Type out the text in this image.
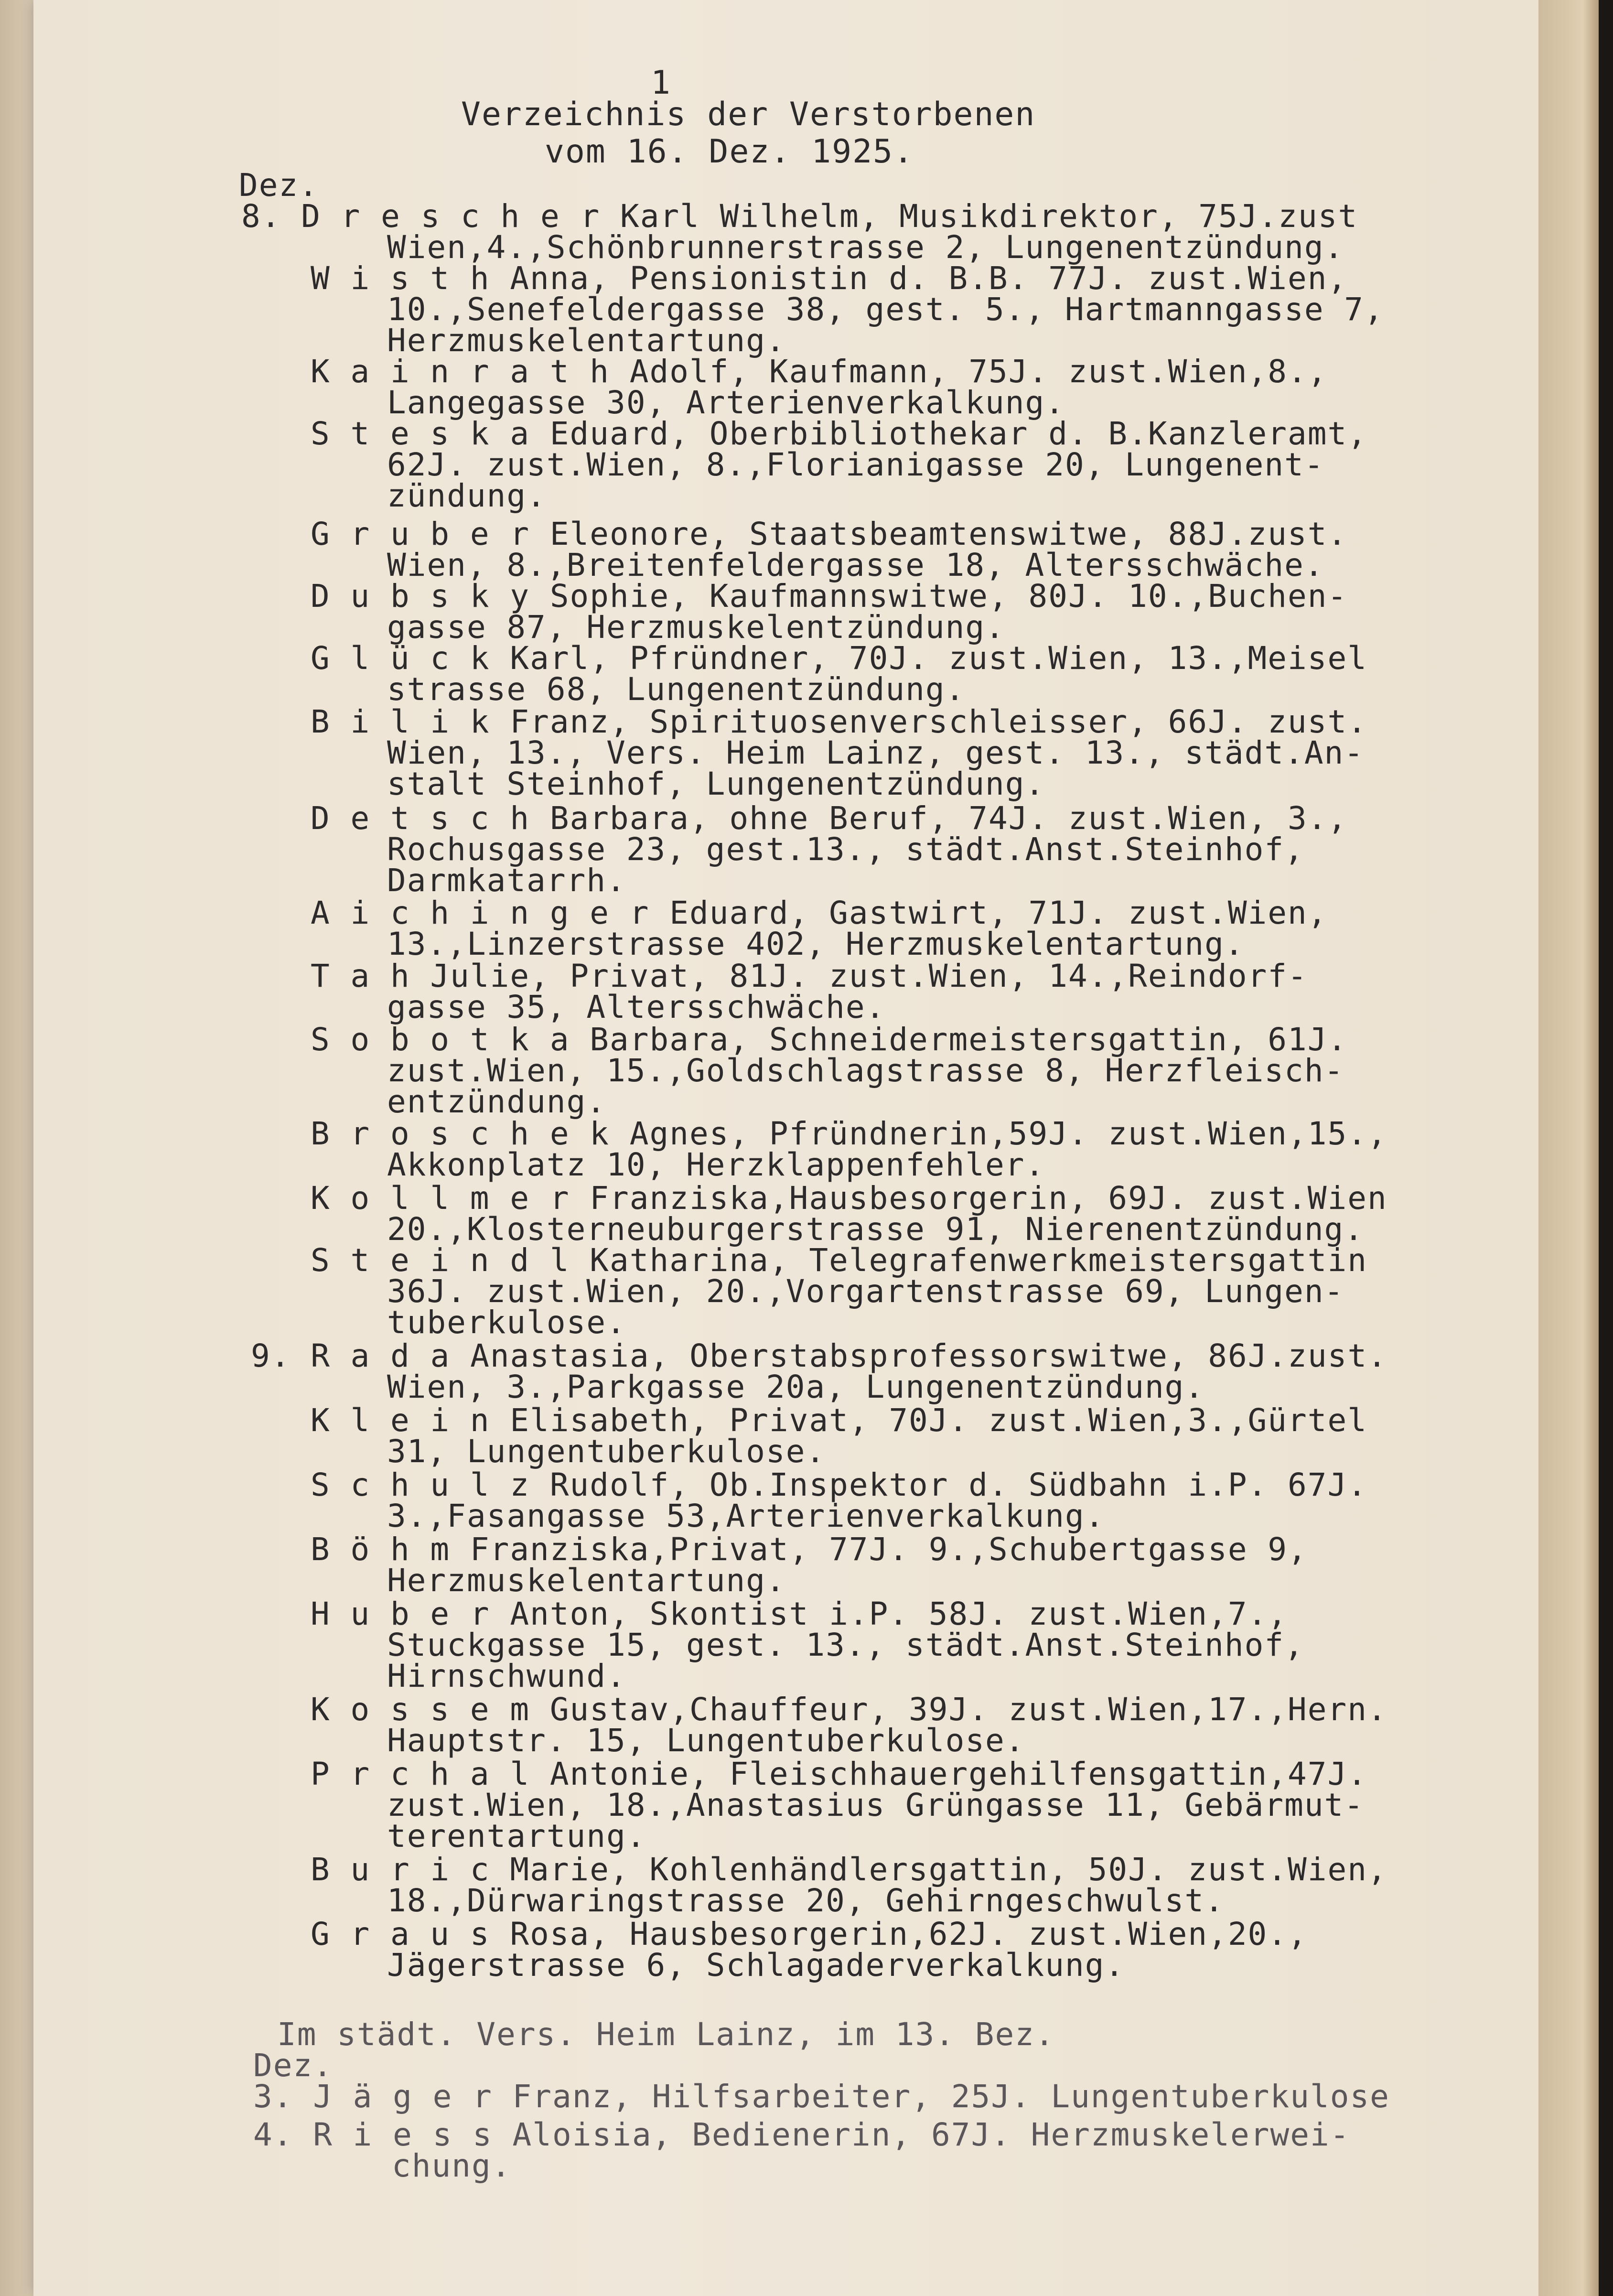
1
Verzeichnis der Verstorbenen
vom 16. Dez. 1925.
Dez.
8. D r e s c h e r Karl Wilhelm, Musikdirektor, 75J.zust
Wien,4.,Schönbrunnerstrasse 2, Lungenentzündung.
W i s t h Anna, Pensionistin d. B.B. 77J. zust.Wien,
10.,Senefeldergasse 38, gest. 5., Hartmanngasse 7,
Herzmuskelentartung.
K a i n r a t h Adolf, Kaufmann, 75J. zust.Wien,8.,
Langegasse 30, Arterienverkalkung.
S t e s k a Eduard, Oberbibliothekar d. B.Kanzleramt,
62J. zust.Wien, 8.,Florianigasse 20, Lungenent-
zündung.
G r u b e r Eleonore, Staatsbeamtenswitwe, 88J.zust.
Wien, 8.,Breitenfeldergasse 18, Altersschwäche.
D u b s k y Sophie, Kaufmannswitwe, 80J. 10.,Buchen-
gasse 87, Herzmuskelentzündung.
G l ü c k Karl, Pfründner, 70J. zust.Wien, 13.,Meisel
strasse 68, Lungenentzündung.
B i l i k Franz, Spirituosenverschleisser, 66J. zust.
Wien, 13., Vers. Heim Lainz, gest. 13., städt.An-
stalt Steinhof, Lungenentzündung.
D e t s c h Barbara, ohne Beruf, 74J. zust.Wien, 3.,
Rochusgasse 23, gest.13., städt.Anst.Steinhof,
Darmkatarrh.
A i c h i n g e r Eduard, Gastwirt, 71J. zust.Wien,
13.,Linzerstrasse 402, Herzmuskelentartung.
T a h Julie, Privat, 81J. zust.Wien, 14.,Reindorf-
gasse 35, Altersschwäche.
S o b o t k a Barbara, Schneidermeistersgattin, 61J.
zust.Wien, 15.,Goldschlagstrasse 8, Herzfleisch-
entzündung.
B r o s c h e k Agnes, Pfründnerin,59J. zust.Wien,15.,
Akkonplatz 10, Herzklappenfehler.
K o l l m e r Franziska,Hausbesorgerin, 69J. zust.Wien
20.,Klosterneuburgerstrasse 91, Nierenentzündung.
S t e i n d l Katharina, Telegrafenwerkmeistersgattin
36J. zust.Wien, 20.,Vorgartenstrasse 69, Lungen-
tuberkulose.
9. R a d a Anastasia, Oberstabsprofessorswitwe, 86J.zust.
Wien, 3.,Parkgasse 20a, Lungenentzündung.
K l e i n Elisabeth, Privat, 70J. zust.Wien,3.,Gürtel
31, Lungentuberkulose.
S c h u l z Rudolf, Ob.Inspektor d. Südbahn i.P. 67J.
3.,Fasangasse 53,Arterienverkalkung.
B ö h m Franziska,Privat, 77J. 9.,Schubertgasse 9,
Herzmuskelentartung.
H u b e r Anton, Skontist i.P. 58J. zust.Wien,7.,
Stuckgasse 15, gest. 13., städt.Anst.Steinhof,
Hirnschwund.
K o s s e m Gustav,Chauffeur, 39J. zust.Wien,17.,Hern.
Hauptstr. 15, Lungentuberkulose.
P r c h a l Antonie, Fleischhauergehilfensgattin,47J.
zust.Wien, 18.,Anastasius Grüngasse 11, Gebärmut-
terentartung.
B u r i c Marie, Kohlenhändlersgattin, 50J. zust.Wien,
18.,Dürwaringstrasse 20, Gehirngeschwulst.
G r a u s Rosa, Hausbesorgerin,62J. zust.Wien,20.,
Jägerstrasse 6, Schlagaderverkalkung.
Im städt. Vers. Heim Lainz, im 13. Bez.
Dez.
3. J ä g e r Franz, Hilfsarbeiter, 25J. Lungentuberkulose
4. R i e s s Aloisia, Bedienerin, 67J. Herzmuskelerwei-
chung.
